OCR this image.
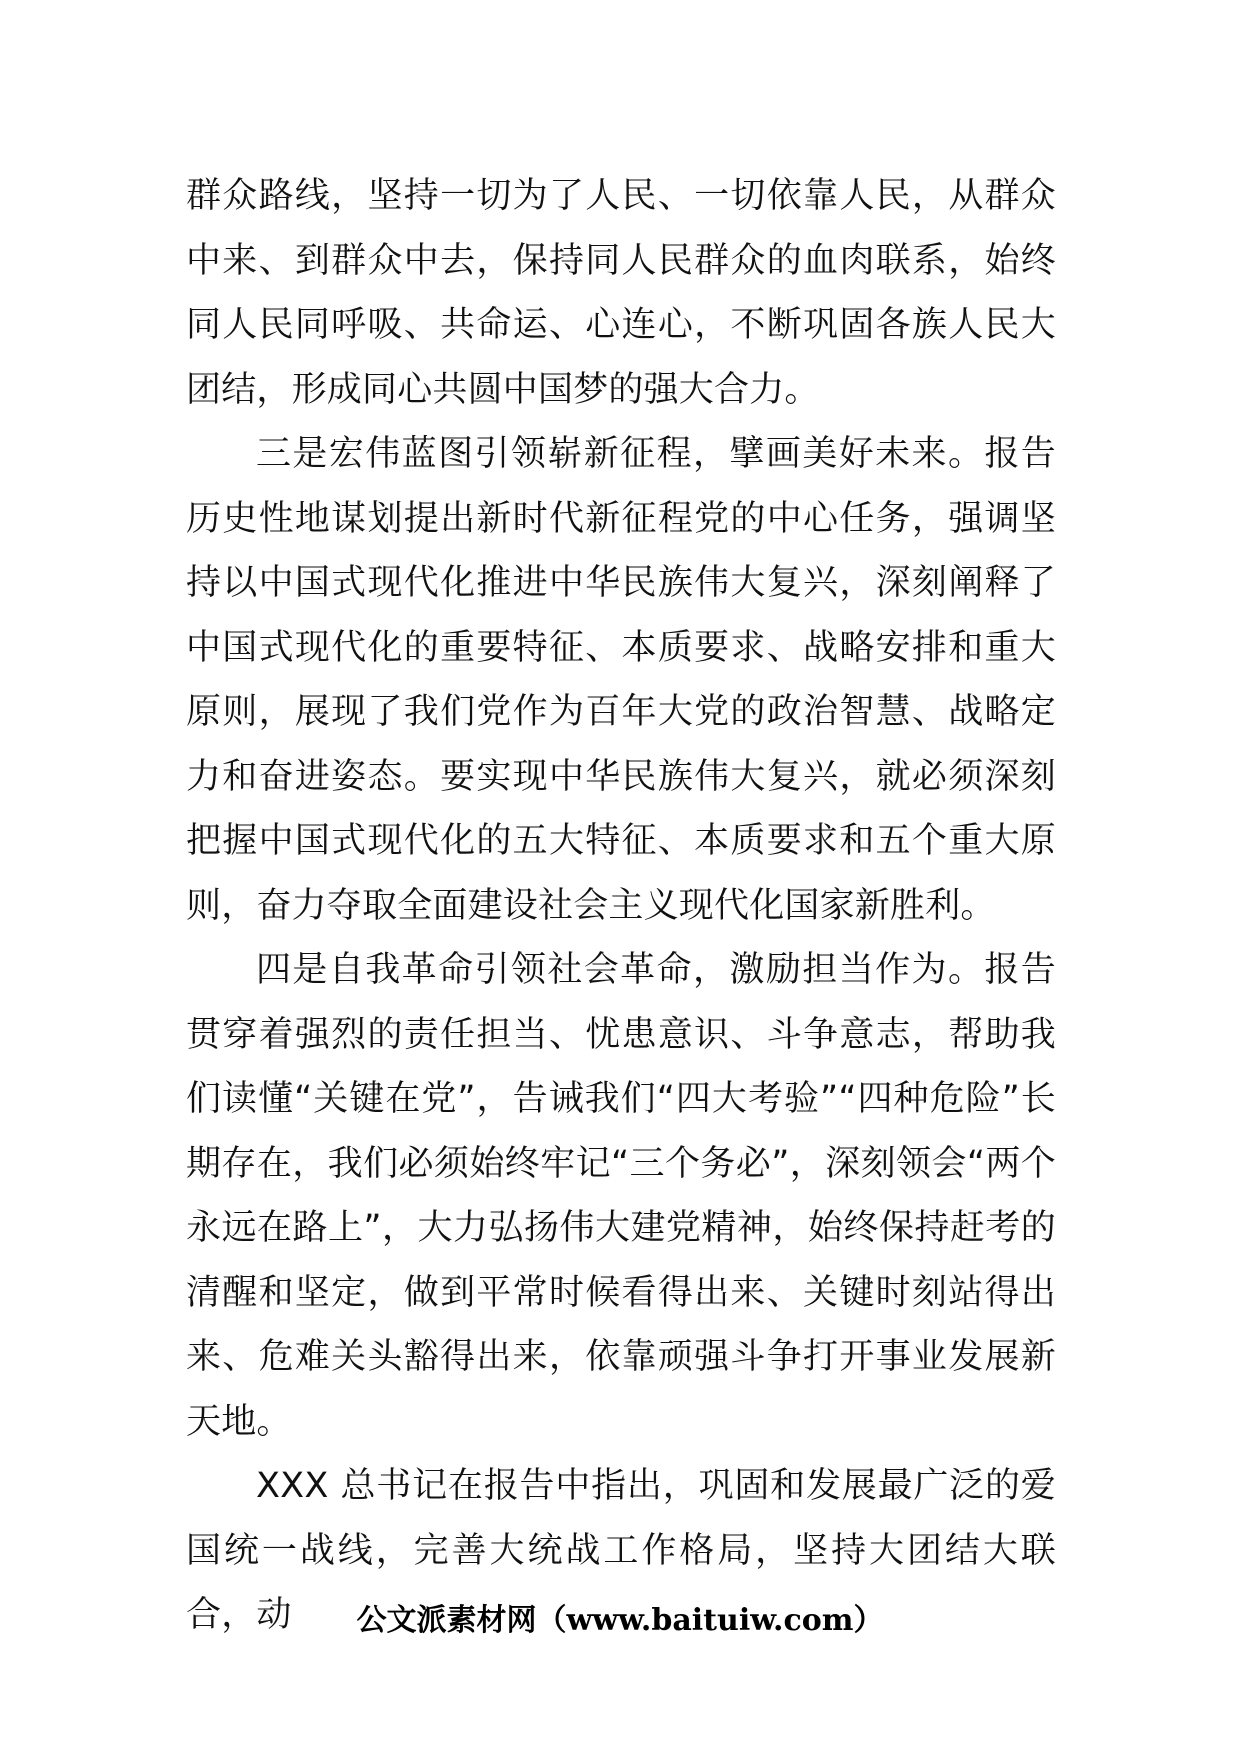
群众路线，坚持一切为了人民、一切依靠人民，从群众中来、到群众中去，保持同人民群众的血肉联系，始终同人民同呼吸、共命运、心连心，不断巩固各族人民大团结，形成同心共圆中国梦的强大合力。

三是宏伟蓝图引领崭新征程，擘画美好未来。报告历史性地谋划提出新时代新征程党的中心任务，强调坚持以中国式现代化推进中华民族伟大复兴，深刻阐释了中国式现代化的重要特征、本质要求、战略安排和重大原则，展现了我们党作为百年大党的政治智慧、战略定力和奋进姿态。要实现中华民族伟大复兴，就必须深刻把握中国式现代化的五大特征、本质要求和五个重大原则，奋力夺取全面建设社会主义现代化国家新胜利。

四是自我革命引领社会革命，激励担当作为。报告贯穿着强烈的责任担当、忧患意识、斗争意志，帮助我们读懂“关键在党”，告诫我们“四大考验”“四种危险”长期存在，我们必须始终牢记“三个务必”，深刻领会“两个永远在路上”，大力弘扬伟大建党精神，始终保持赶考的清醒和坚定，做到平常时候看得出来、关键时刻站得出来、危难关头豁得出来，依靠顽强斗争打开事业发展新天地。

XXX 总书记在报告中指出，巩固和发展最广泛的爱国统一战线，完善大统战工作格局，坚持大团结大联合，动	公文派素材网（www.baituiw.com）
